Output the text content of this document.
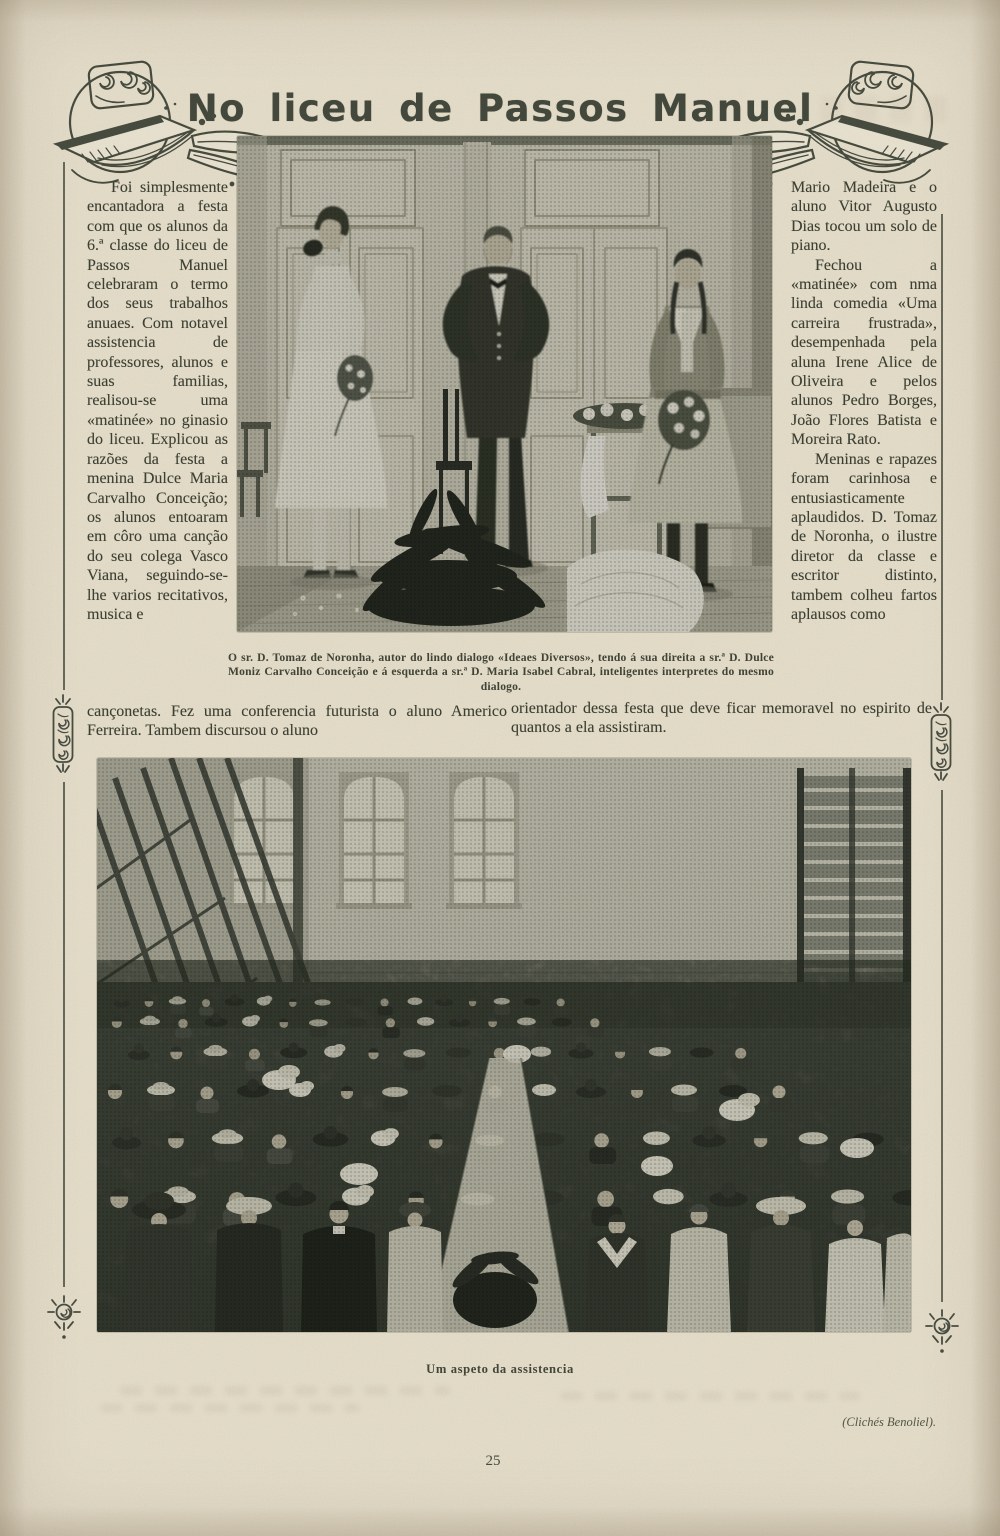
No liceu de Passos Manuel

O sr. D. Tomaz de Noronha, autor do lindo dialogo «Ideaes Diversos», tendo á sua direita a sr.ª D. Dulce Moniz Carvalho Conceição e á esquerda a sr.ª D. Maria Isabel Cabral, inteligentes interpretes do mesmo dialogo.

Foi simplesmente encantadora a festa com que os alunos da 6.ª classe do liceu de Passos Manuel celebraram o termo dos seus trabalhos anuaes. Com notavel assistencia de professores, alunos e suas familias, realisou-se uma «matinée» no ginasio do liceu. Explicou as razões da festa a menina Dulce Maria Carvalho Conceição; os alunos entoaram em côro uma canção do seu colega Vasco Viana, seguindo-se-lhe varios recitativos, musica e

Mario Madeira e o aluno Vitor Augusto Dias tocou um solo de piano.

Fechou a «matinée» com nma linda comedia «Uma carreira frustrada», desempenhada pela aluna Irene Alice de Oliveira e pelos alunos Pedro Borges, João Flores Batista e Moreira Rato.

Meninas e rapazes foram carinhosa e entusiasticamente aplaudidos. D. Tomaz de Noronha, o ilustre diretor da classe e escritor distinto, tambem colheu fartos aplausos como

cançonetas. Fez uma conferencia futurista o aluno Americo Ferreira. Tambem discursou o aluno

orientador dessa festa que deve ficar memoravel no espirito de quantos a ela assistiram.

Um aspeto da assistencia

(Clichés Benoliel).

25
